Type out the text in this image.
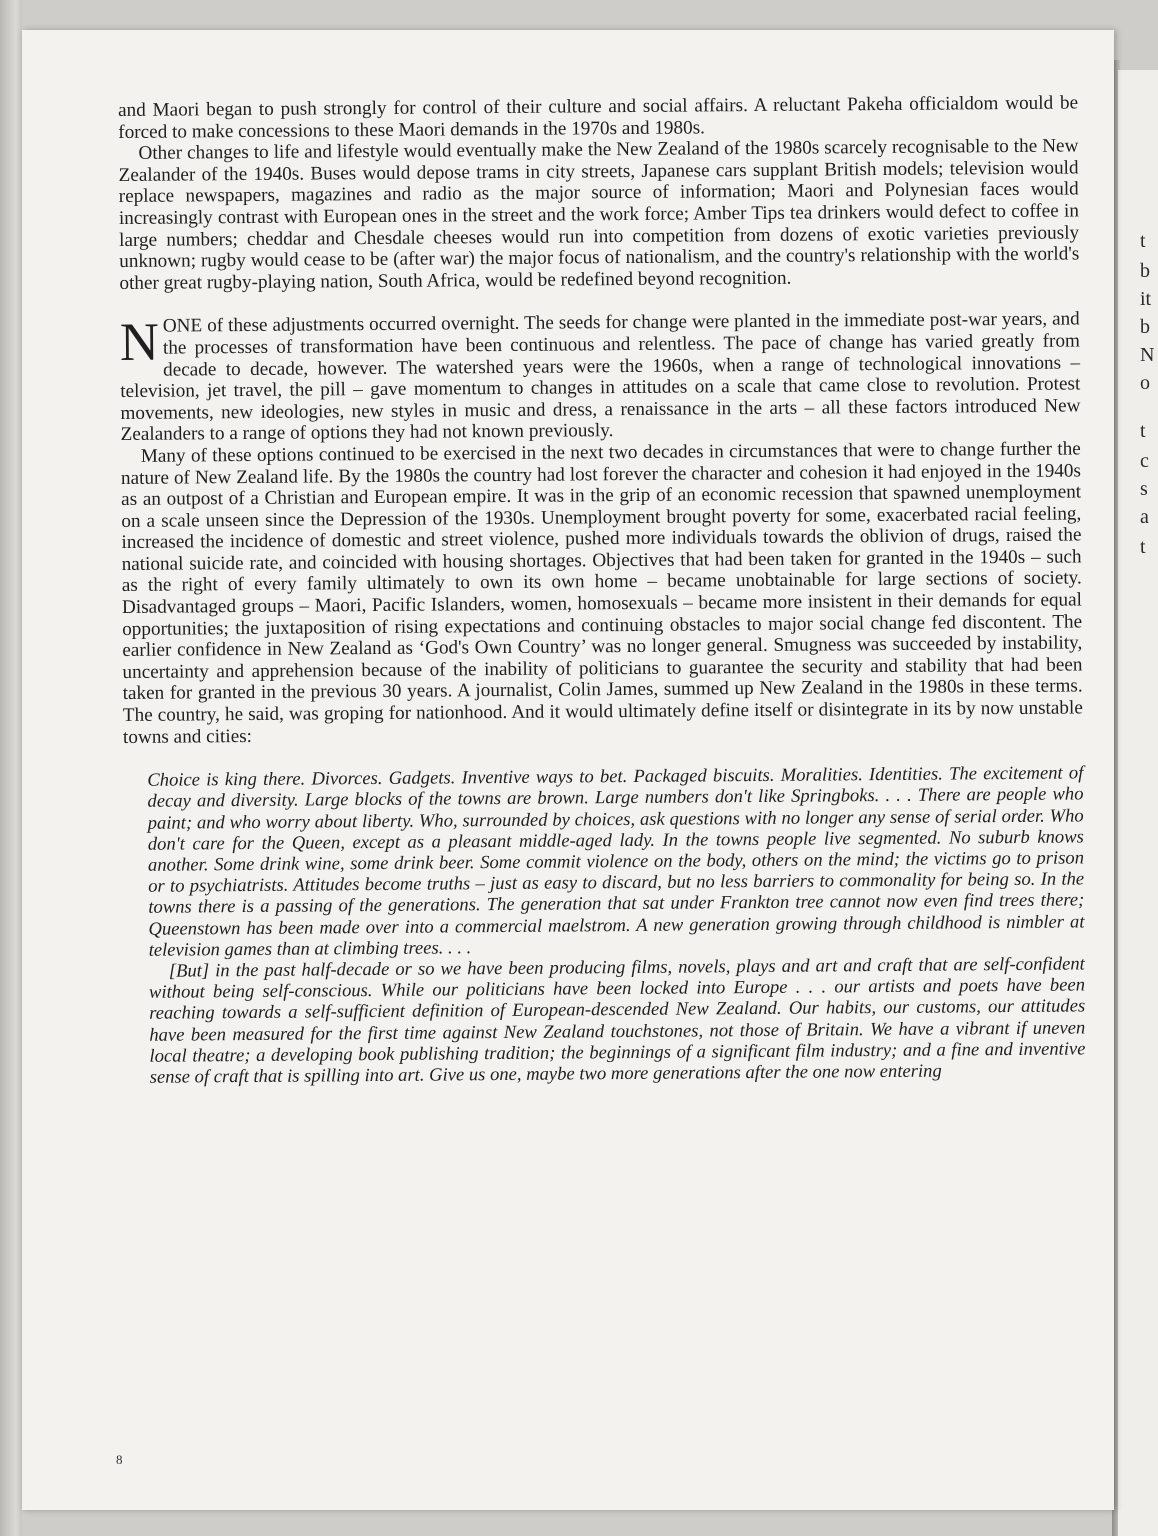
t
b
it
b
N
o
t
c
s
a
t

and Maori began to push strongly for control of their culture and social affairs. A reluctant Pakeha officialdom would be forced to make concessions to these Maori demands in the 1970s and 1980s.

Other changes to life and lifestyle would eventually make the New Zealand of the 1980s scarcely recognisable to the New Zealander of the 1940s. Buses would depose trams in city streets, Japanese cars supplant British models; television would replace newspapers, magazines and radio as the major source of information; Maori and Polynesian faces would increasingly contrast with European ones in the street and the work force; Amber Tips tea drinkers would defect to coffee in large numbers; cheddar and Chesdale cheeses would run into competition from dozens of exotic varieties previously unknown; rugby would cease to be (after war) the major focus of nationalism, and the country's relationship with the world's other great rugby-playing nation, South Africa, would be redefined beyond recognition.

NONE of these adjustments occurred overnight. The seeds for change were planted in the immediate post-war years, and the processes of transformation have been continuous and relentless. The pace of change has varied greatly from decade to decade, however. The watershed years were the 1960s, when a range of technological innovations – television, jet travel, the pill – gave momentum to changes in attitudes on a scale that came close to revolution. Protest movements, new ideologies, new styles in music and dress, a renaissance in the arts – all these factors introduced New Zealanders to a range of options they had not known previously.

Many of these options continued to be exercised in the next two decades in circumstances that were to change further the nature of New Zealand life. By the 1980s the country had lost forever the character and cohesion it had enjoyed in the 1940s as an outpost of a Christian and European empire. It was in the grip of an economic recession that spawned unemployment on a scale unseen since the Depression of the 1930s. Unemployment brought poverty for some, exacerbated racial feeling, increased the incidence of domestic and street violence, pushed more individuals towards the oblivion of drugs, raised the national suicide rate, and coincided with housing shortages. Objectives that had been taken for granted in the 1940s – such as the right of every family ultimately to own its own home – became unobtainable for large sections of society. Disadvantaged groups – Maori, Pacific Islanders, women, homosexuals – became more insistent in their demands for equal opportunities; the juxtaposition of rising expectations and continuing obstacles to major social change fed discontent. The earlier confidence in New Zealand as ‘God's Own Country’ was no longer general. Smugness was succeeded by instability, uncertainty and apprehension because of the inability of politicians to guarantee the security and stability that had been taken for granted in the previous 30 years. A journalist, Colin James, summed up New Zealand in the 1980s in these terms. The country, he said, was groping for nationhood. And it would ultimately define itself or disintegrate in its by now unstable towns and cities:

Choice is king there. Divorces. Gadgets. Inventive ways to bet. Packaged biscuits. Moralities. Identities. The excitement of decay and diversity. Large blocks of the towns are brown. Large numbers don't like Springboks. . . . There are people who paint; and who worry about liberty. Who, surrounded by choices, ask questions with no longer any sense of serial order. Who don't care for the Queen, except as a pleasant middle-aged lady. In the towns people live segmented. No suburb knows another. Some drink wine, some drink beer. Some commit violence on the body, others on the mind; the victims go to prison or to psychiatrists. Attitudes become truths – just as easy to discard, but no less barriers to commonality for being so. In the towns there is a passing of the generations. The generation that sat under Frankton tree cannot now even find trees there; Queenstown has been made over into a commercial maelstrom. A new generation growing through childhood is nimbler at television games than at climbing trees. . . .

[But] in the past half-decade or so we have been producing films, novels, plays and art and craft that are self-confident without being self-conscious. While our politicians have been locked into Europe . . . our artists and poets have been reaching towards a self-sufficient definition of European-descended New Zealand. Our habits, our customs, our attitudes have been measured for the first time against New Zealand touchstones, not those of Britain. We have a vibrant if uneven local theatre; a developing book publishing tradition; the beginnings of a significant film industry; and a fine and inventive sense of craft that is spilling into art. Give us one, maybe two more generations after the one now entering

8
